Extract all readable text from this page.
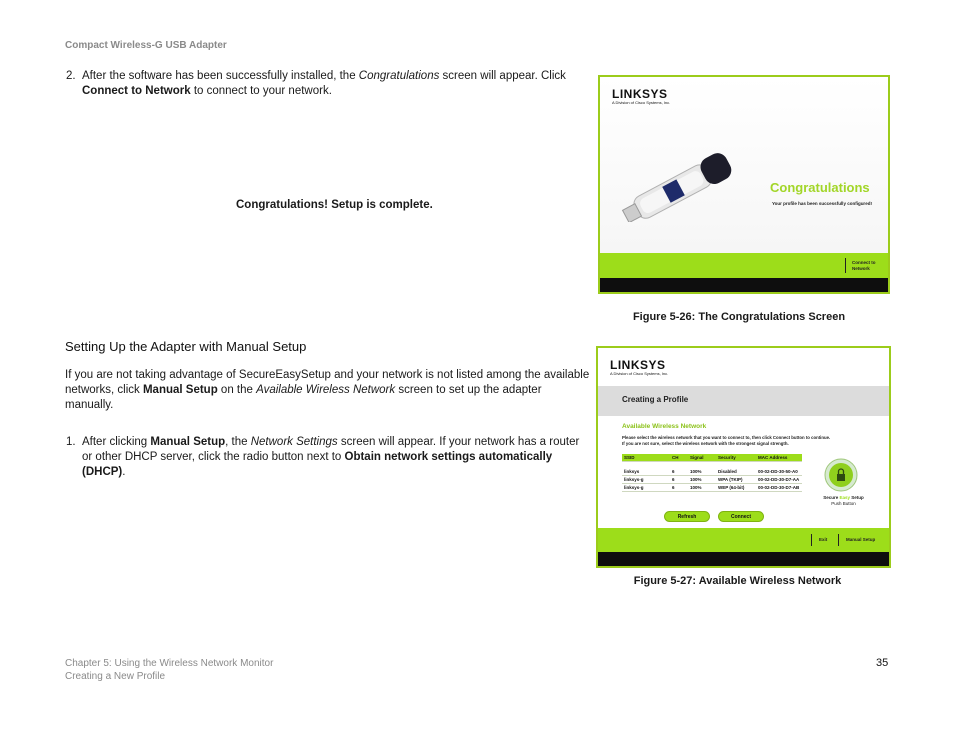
Compact Wireless-G USB Adapter
2. After the software has been successfully installed, the Congratulations screen will appear. Click Connect to Network to connect to your network.
Congratulations! Setup is complete.
LINKSYS
A Division of Cisco Systems, Inc.
Congratulations
Your profile has been successfully configured!
Connect to
Network
Figure 5-26: The Congratulations Screen
Setting Up the Adapter with Manual Setup
If you are not taking advantage of SecureEasySetup and your network is not listed among the available networks, click Manual Setup on the Available Wireless Network screen to set up the adapter manually.
1. After clicking Manual Setup, the Network Settings screen will appear. If your network has a router or other DHCP server, click the radio button next to Obtain network settings automatically (DHCP).
LINKSYS
A Division of Cisco Systems, Inc.
Creating a Profile
Available Wireless Network
Please select the wireless network that you want to connect to, then click Connect button to continue.
If you are not sure, select the wireless network with the strongest signal strength.
SSID	CH	Signal	Security	MAC Address

linksys	6	100%	Disabled	00-02-DD-30-50-A0
linksys-g	6	100%	WPA (TKIP)	00-02-DD-30-D7-AA
linksys-g	6	100%	WEP (64-bit)	00-02-DD-30-D7-AB
Secure Easy Setup
Push Button
Refresh	Connect
Exit	Manual Setup
Figure 5-27: Available Wireless Network
Chapter 5: Using the Wireless Network Monitor
Creating a New Profile
35
